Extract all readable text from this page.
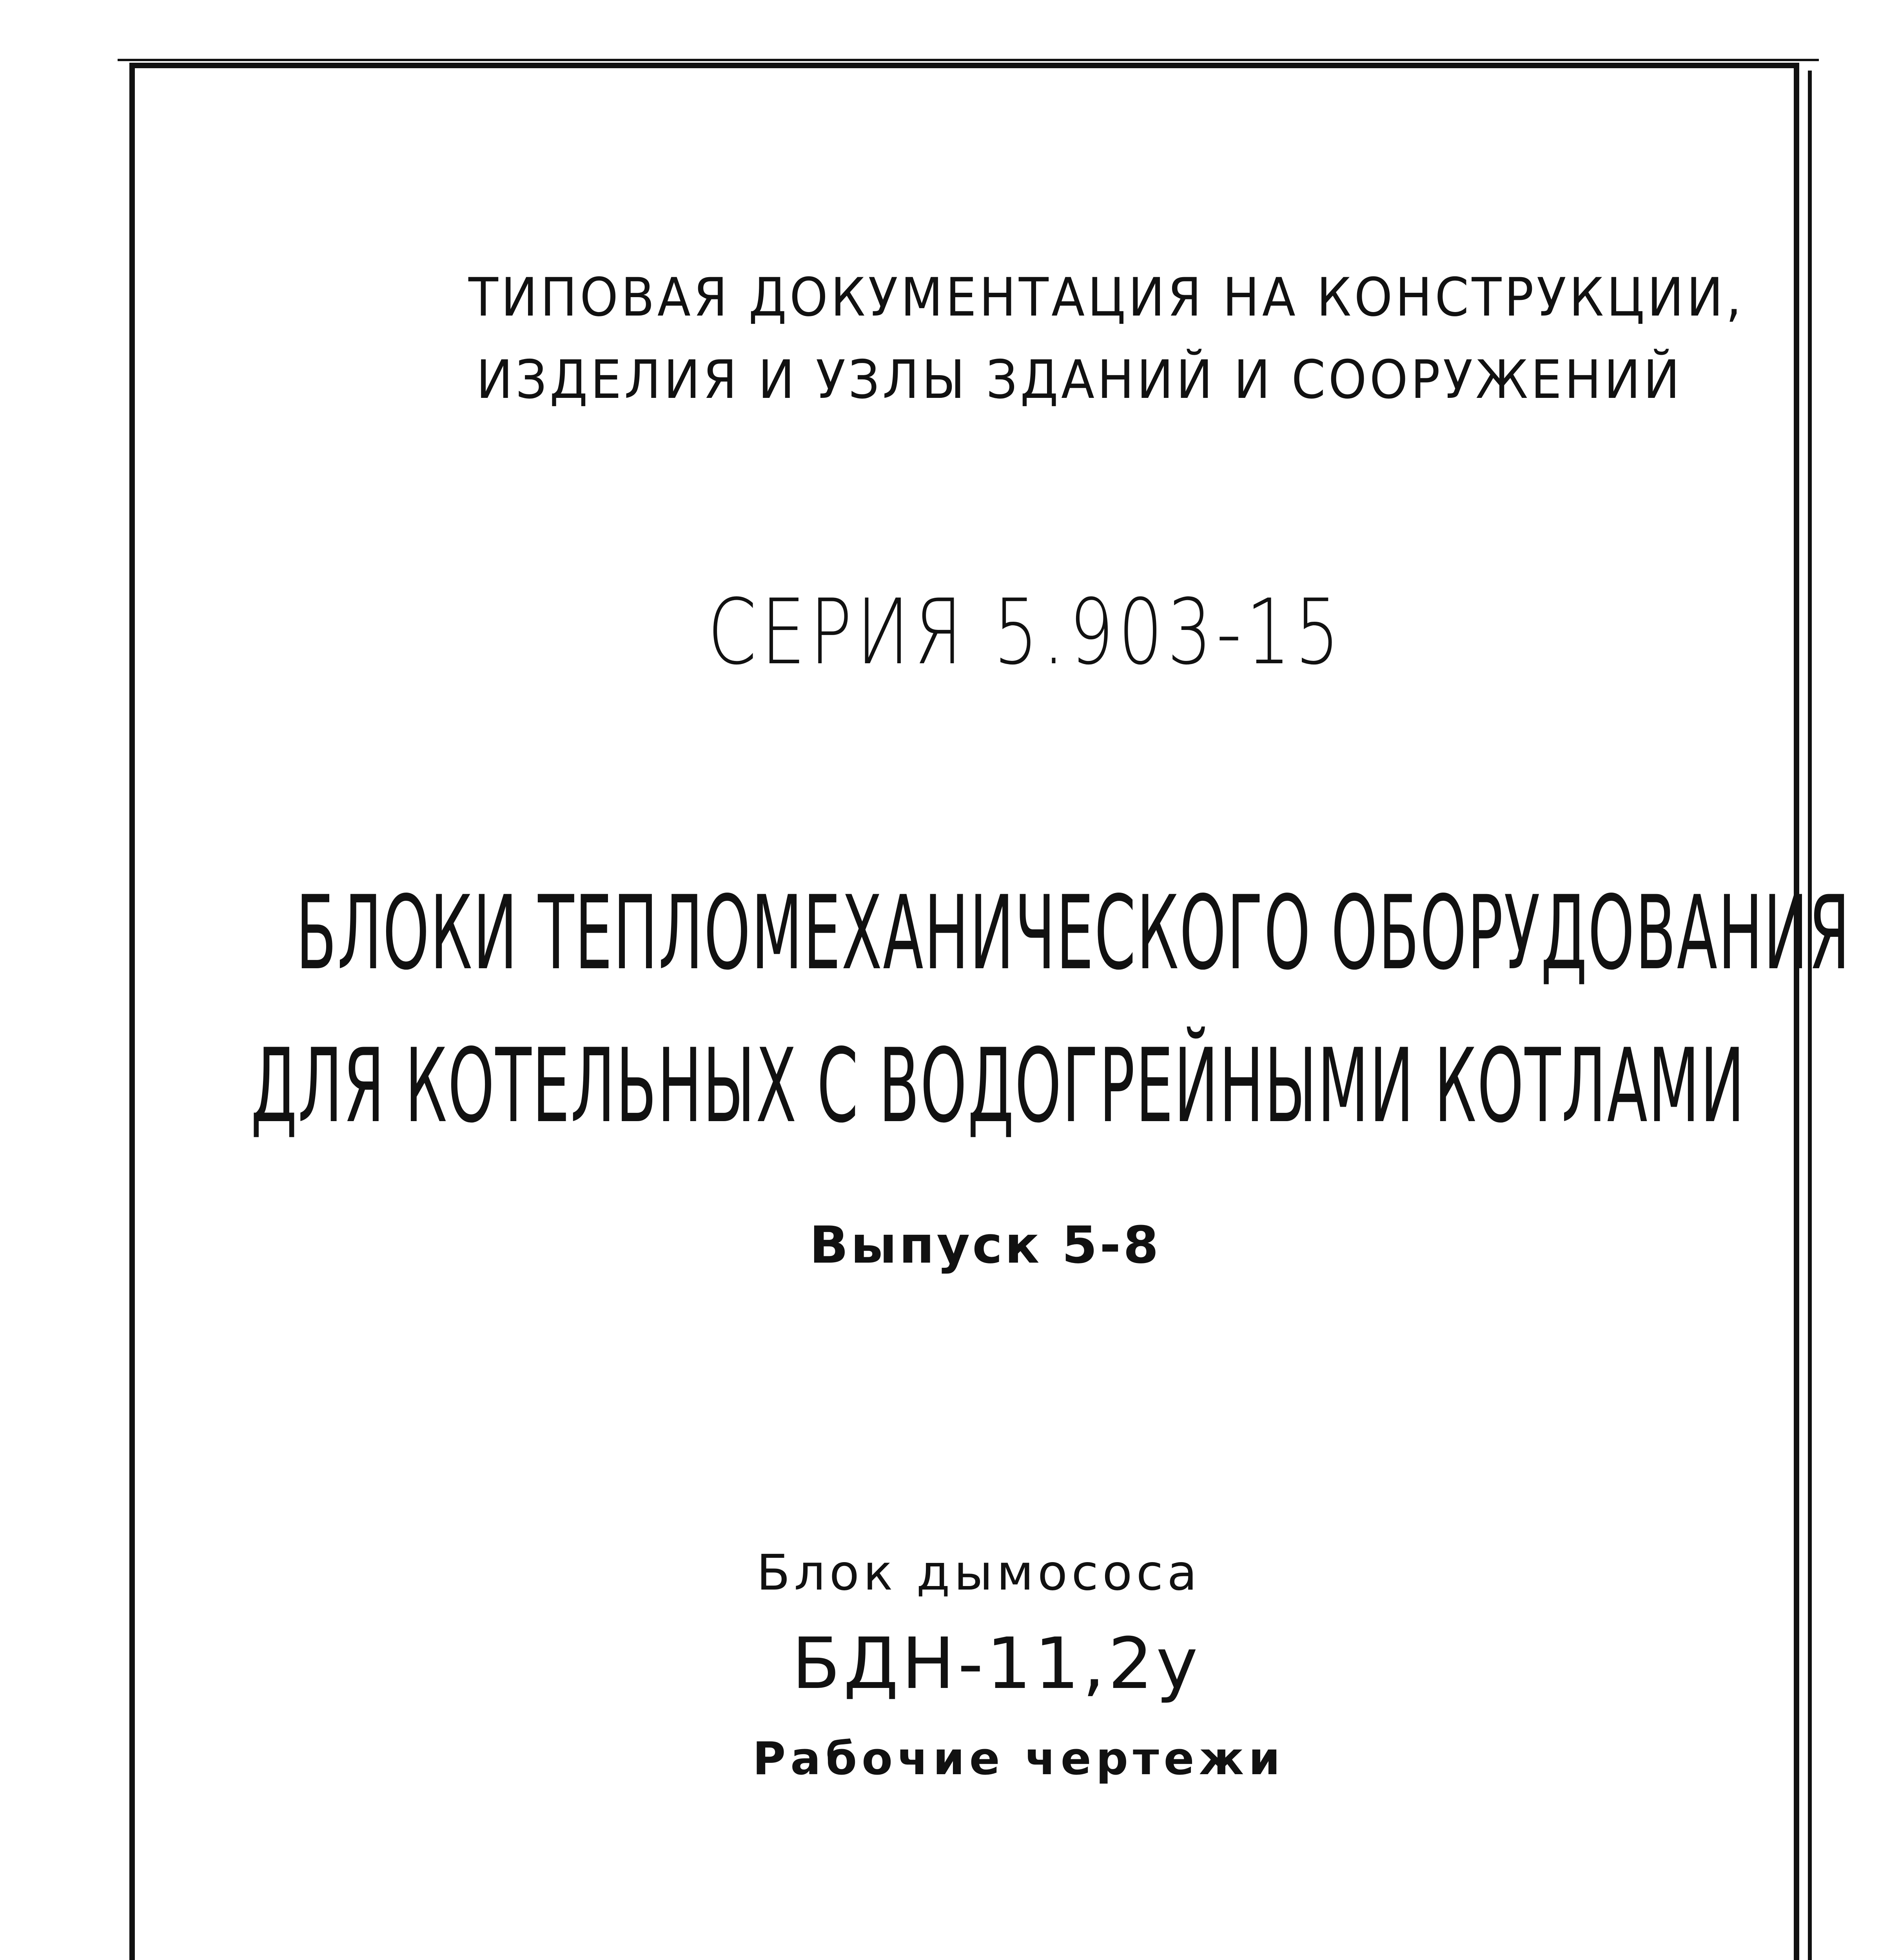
ТИПОВАЯ ДОКУМЕНТАЦИЯ НА КОНСТРУКЦИИ,
ИЗДЕЛИЯ И УЗЛЫ ЗДАНИЙ И СООРУЖЕНИЙ
СЕРИЯ 5.903-15
БЛОКИ ТЕПЛОМЕХАНИЧЕСКОГО ОБОРУДОВАНИЯ
ДЛЯ КОТЕЛЬНЫХ С ВОДОГРЕЙНЫМИ КОТЛАМИ
Выпуск 5-8
Блок дымососа
БДН-11,2у
Рабочие чертежи
